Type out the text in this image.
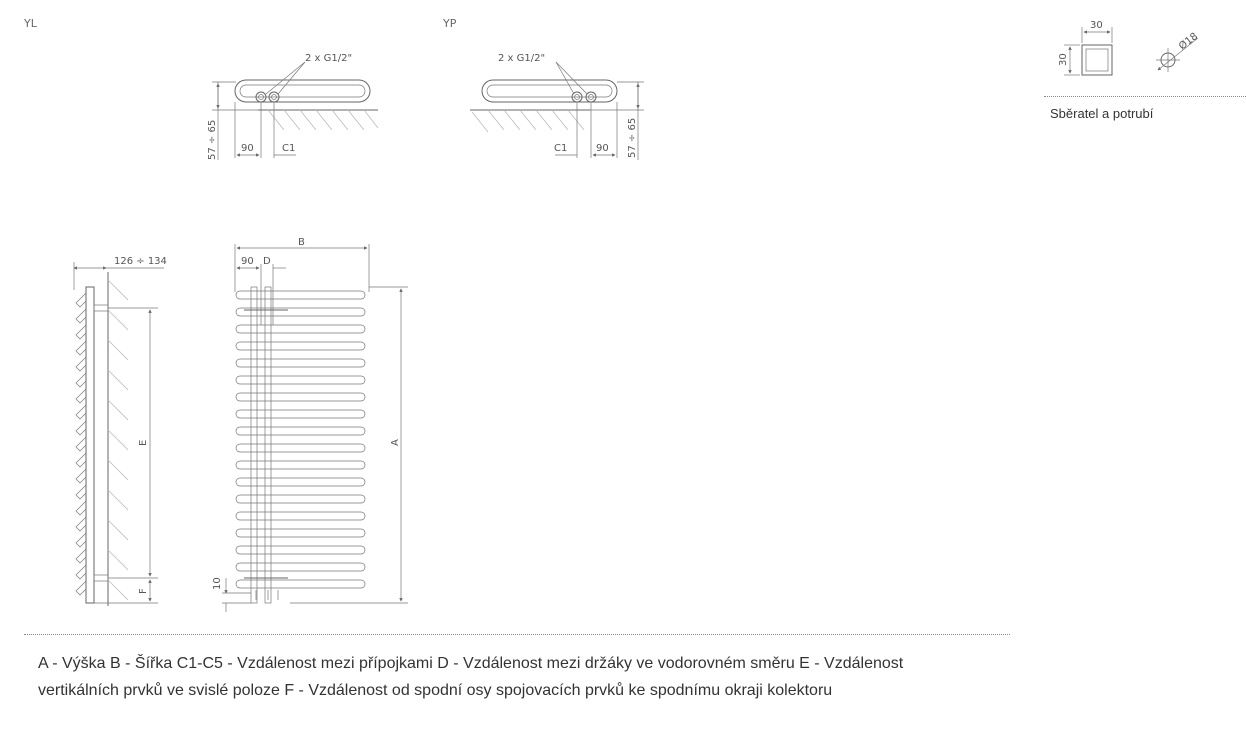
YL
2 x G1/2"
57 ÷ 65 90	C1
YP
2 x G1/2"
57 ÷ 65
C1	90
126 ÷ 134
E
F
B
90 D
A
10
30
30
Ø18
Sběratel a potrubí

A - Výška B - Šířka C1-C5 - Vzdálenost mezi přípojkami D - Vzdálenost mezi držáky ve vodorovném směru E - Vzdálenost vertikálních prvků ve svislé poloze F - Vzdálenost od spodní osy spojovacích prvků ke spodnímu okraji kolektoru
